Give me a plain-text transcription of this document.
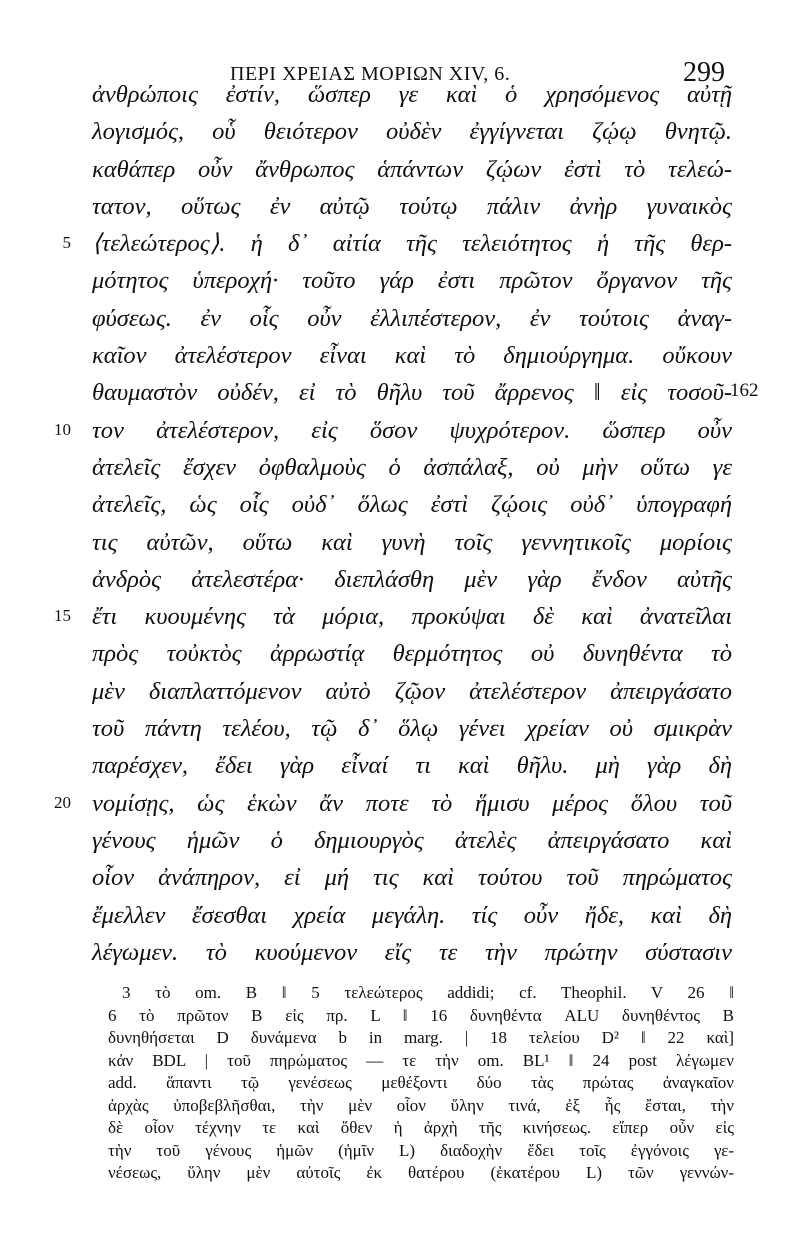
ΠΕΡΙ ΧΡΕΙΑΣ ΜΟΡΙΩΝ XIV, 6.	299
ἀνθρώποις ἐστίν, ὥσπερ γε καὶ ὁ χρησόμενος αὐτῇ
λογισμός, οὗ θειότερον οὐδὲν ἐγγίγνεται ζῴῳ θνητῷ.
καθάπερ οὖν ἄνθρωπος ἁπάντων ζῴων ἐστὶ τὸ τελεώ-
τατον, οὕτως ἐν αὐτῷ τούτῳ πάλιν ἀνὴρ γυναικὸς
5 ⟨τελεώτερος⟩. ἡ δ᾽ αἰτία τῆς τελειότητος ἡ τῆς θερ-
μότητος ὑπεροχή· τοῦτο γάρ ἐστι πρῶτον ὄργανον τῆς
φύσεως. ἐν οἷς οὖν ἐλλιπέστερον, ἐν τούτοις ἀναγ-
καῖον ἀτελέστερον εἶναι καὶ τὸ δημιούργημα. οὔκουν
θαυμαστὸν οὐδέν, εἰ τὸ θῆλυ τοῦ ἄρρενος ‖ εἰς τοσοῦ-
162
10 τον ἀτελέστερον, εἰς ὅσον ψυχρότερον. ὥσπερ οὖν
ἀτελεῖς ἔσχεν ὀφθαλμοὺς ὁ ἀσπάλαξ, οὐ μὴν οὕτω γε
ἀτελεῖς, ὡς οἷς οὐδ᾽ ὅλως ἐστὶ ζῴοις οὐδ᾽ ὑπογραφή
τις αὐτῶν, οὕτω καὶ γυνὴ τοῖς γεννητικοῖς μορίοις
ἀνδρὸς ἀτελεστέρα· διεπλάσθη μὲν γὰρ ἔνδον αὐτῆς
15 ἔτι κυουμένης τὰ μόρια, προκύψαι δὲ καὶ ἀνατεῖλαι
πρὸς τοὐκτὸς ἀρρωστίᾳ θερμότητος οὐ δυνηθέντα τὸ
μὲν διαπλαττόμενον αὐτὸ ζῷον ἀτελέστερον ἀπειργάσατο
τοῦ πάντη τελέου, τῷ δ᾽ ὅλῳ γένει χρείαν οὐ σμικρὰν
παρέσχεν, ἔδει γὰρ εἶναί τι καὶ θῆλυ. μὴ γὰρ δὴ
20 νομίσῃς, ὡς ἑκὼν ἄν ποτε τὸ ἥμισυ μέρος ὅλου τοῦ
γένους ἡμῶν ὁ δημιουργὸς ἀτελὲς ἀπειργάσατο καὶ
οἷον ἀνάπηρον, εἰ μή τις καὶ τούτου τοῦ πηρώματος
ἔμελλεν ἔσεσθαι χρεία μεγάλη. τίς οὖν ἤδε, καὶ δὴ
λέγωμεν. τὸ κυούμενον εἴς τε τὴν πρώτην σύστασιν
3 τὸ om. B ‖ 5 τελεώτερος addidi; cf. Theophil. V 26 ‖
6 τὸ πρῶτον B εἰς πρ. L ‖ 16 δυνηθέντα ALU δυνηθέντος B
δυνηθήσεται D δυνάμενα b in marg. | 18 τελείου D² ‖ 22 καὶ]
κἀν BDL | τοῦ πηρώματος — τε τὴν om. BL¹ ‖ 24 post λέγωμεν
add. ἅπαντι τῷ γενέσεως μεθέξοντι δύο τὰς πρώτας ἀναγκαῖον
ἀρχὰς ὑποβεβλῆσθαι, τὴν μὲν οἷον ὕλην τινά, ἐξ ἧς ἔσται, τὴν
δὲ οἷον τέχνην τε καὶ ὅθεν ἡ ἀρχὴ τῆς κινήσεως. εἴπερ οὖν εἰς
τὴν τοῦ γένους ἡμῶν (ἡμῖν L) διαδοχὴν ἔδει τοῖς ἐγγόνοις γε-
νέσεως, ὕλην μὲν αὐτοῖς ἐκ θατέρου (ἑκατέρου L) τῶν γεννών-
